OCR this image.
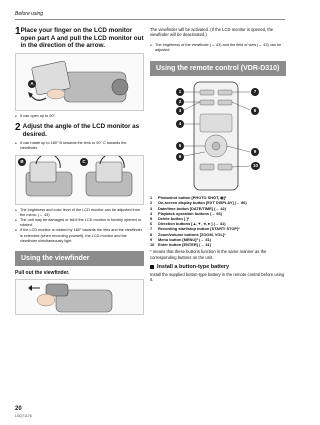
Before using
1 Place your finger on the LCD monitor open part A and pull the LCD monitor out in the direction of the arrow.
A
● It can open up to 90°.
2 Adjust the angle of the LCD monitor as desired.
● It can rotate up to 180° B towards the lens or 90° C towards the viewfinder.
B	C
● The brightness and color level of the LCD monitor can be adjusted from the menu. (→ 43)
● The unit may be damaged or fail if the LCD monitor is forcibly opened or rotated.
● If the LCD monitor is rotated by 180° towards the lens and the viewfinder is extended (when recording yourself), the LCD monitor and the viewfinder simultaneously light.
Using the viewfinder
Pull out the viewfinder.
The viewfinder will be activated. (If the LCD monitor is opened, the viewfinder will be deactivated.)
● The brightness of the viewfinder (→ 43) and the field of view (→ 43) can be adjusted.
Using the remote control (VDR-D310)
1
2
3
4
5
6
7
8
9
10
1	Photoshot button [PHOTO SHOT, ◉]*
2	On-screen display button [EXT DISPLAY] (→ 86)
3	Date/time button [DATE/TIME] (→ 42)
4	Playback operation buttons (→ 66)
5	Delete button [ ]*
6	Direction buttons [▲,▼,◄,►] (→ 41)
7	Recording start/stop button [START/ STOP]*
8	Zoom/volume buttons [ZOOM, VOL]*
9	Menu button [MENU]* (→ 41)
10 Enter button [ENTER] (→ 41)
* means that these buttons function in the same manner as the corresponding buttons on the unit.
Install a button-type battery
Install the supplied button-type battery in the remote control before using it.
20
LSQT1176
